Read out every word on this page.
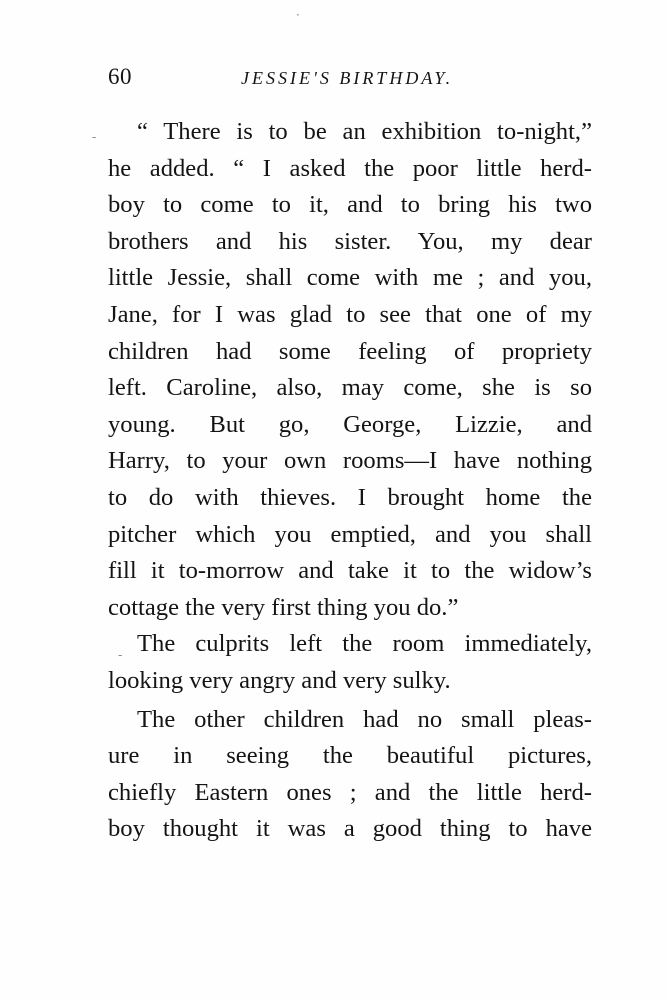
60	JESSIE'S BIRTHDAY.
“ There is to be an exhibition to-night,”
he added. “ I asked the poor little herd-
boy to come to it, and to bring his two
brothers and his sister. You, my dear
little Jessie, shall come with me ; and you,
Jane, for I was glad to see that one of my
children had some feeling of propriety
left. Caroline, also, may come, she is so
young. But go, George, Lizzie, and
Harry, to your own rooms—I have nothing
to do with thieves. I brought home the
pitcher which you emptied, and you shall
fill it to-morrow and take it to the widow’s
cottage the very first thing you do.”
The culprits left the room immediately,
looking very angry and very sulky.
The other children had no small pleas-
ure in seeing the beautiful pictures,
chiefly Eastern ones ; and the little herd-
boy thought it was a good thing to have
-
-
·
